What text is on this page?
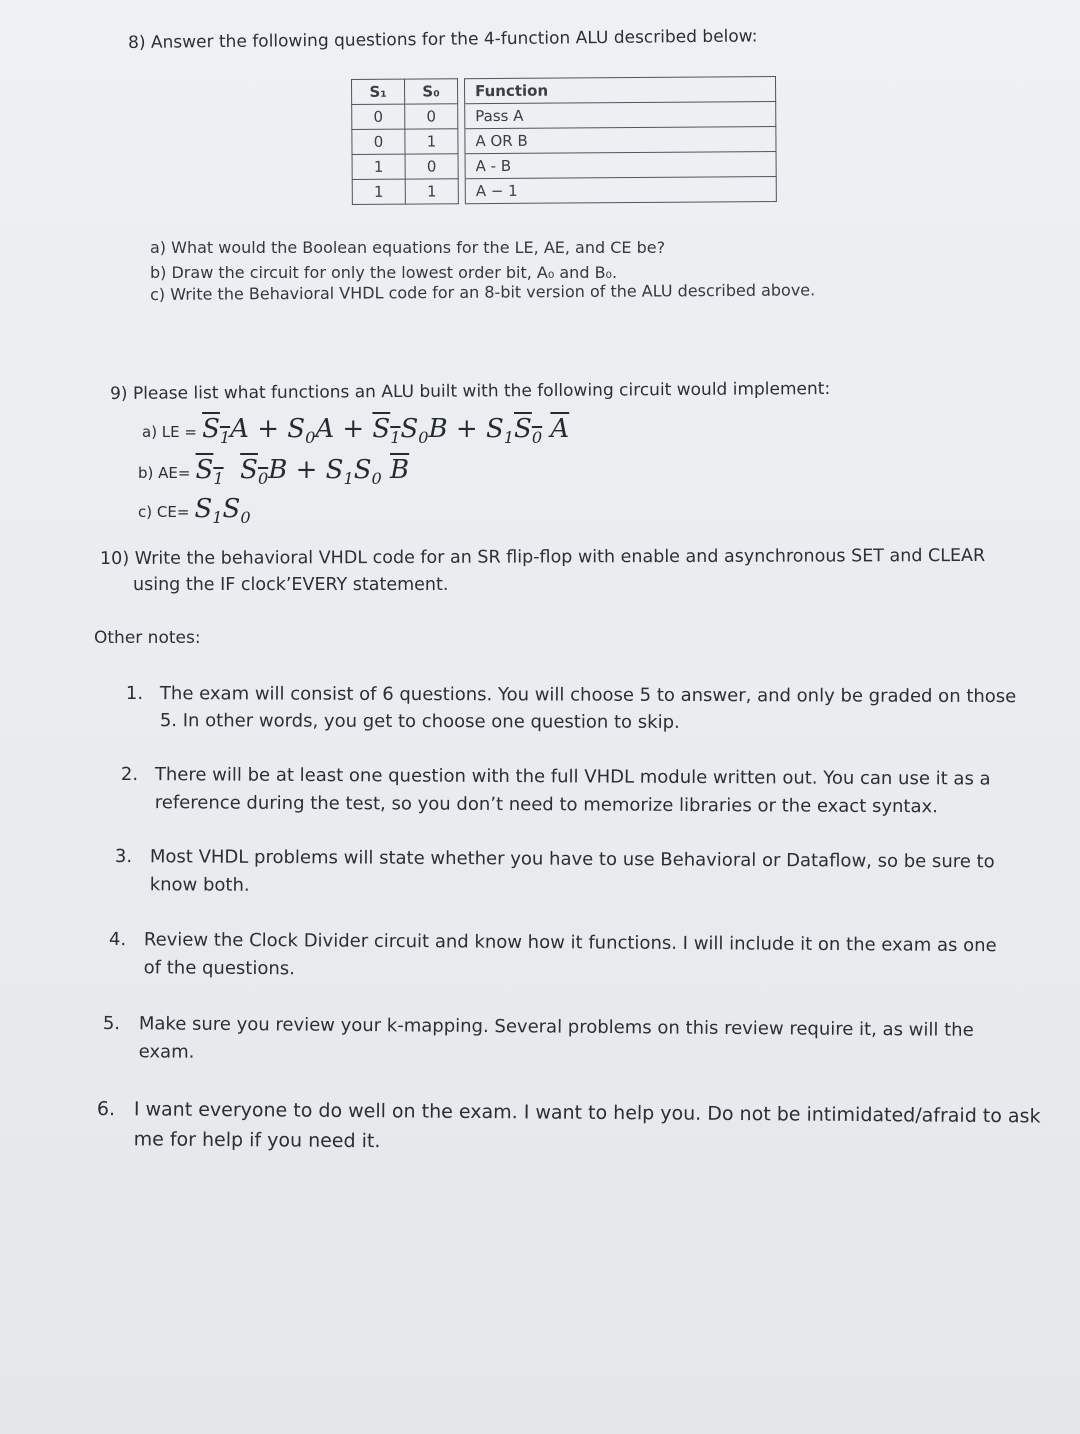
8) Answer the following questions for the 4-function ALU described below:
S₁	S₀		Function
0	0		Pass A
0	1		A OR B
1	0		A - B
1	1		A − 1
a) What would the Boolean equations for the LE, AE, and CE be?
b) Draw the circuit for only the lowest order bit, A₀ and B₀.
c) Write the Behavioral VHDL code for an 8-bit version of the ALU described above.
9) Please list what functions an ALU built with the following circuit would implement:
a) LE = $S_1A + S_0A + S_1S_0B + S_1S_0$ $\overline{A}$
b) $AE= S_1$ $S_0B + S_1S_0$ $\overline{B}$
c) $CE= S_1S_0$
10) Write the behavioral VHDL code for an SR flip-flop with enable and asynchronous SET and CLEAR
using the IF clock’EVERY statement.
Other notes:
1. The exam will consist of 6 questions. You will choose 5 to answer, and only be graded on those
5. In other words, you get to choose one question to skip.
2. There will be at least one question with the full VHDL module written out. You can use it as a
reference during the test, so you don’t need to memorize libraries or the exact syntax.
3. Most VHDL problems will state whether you have to use Behavioral or Dataflow, so be sure to
know both.
4. Review the Clock Divider circuit and know how it functions. I will include it on the exam as one
of the questions.
5. Make sure you review your k-mapping. Several problems on this review require it, as will the
exam.
6. I want everyone to do well on the exam. I want to help you. Do not be intimidated/afraid to ask
me for help if you need it.
